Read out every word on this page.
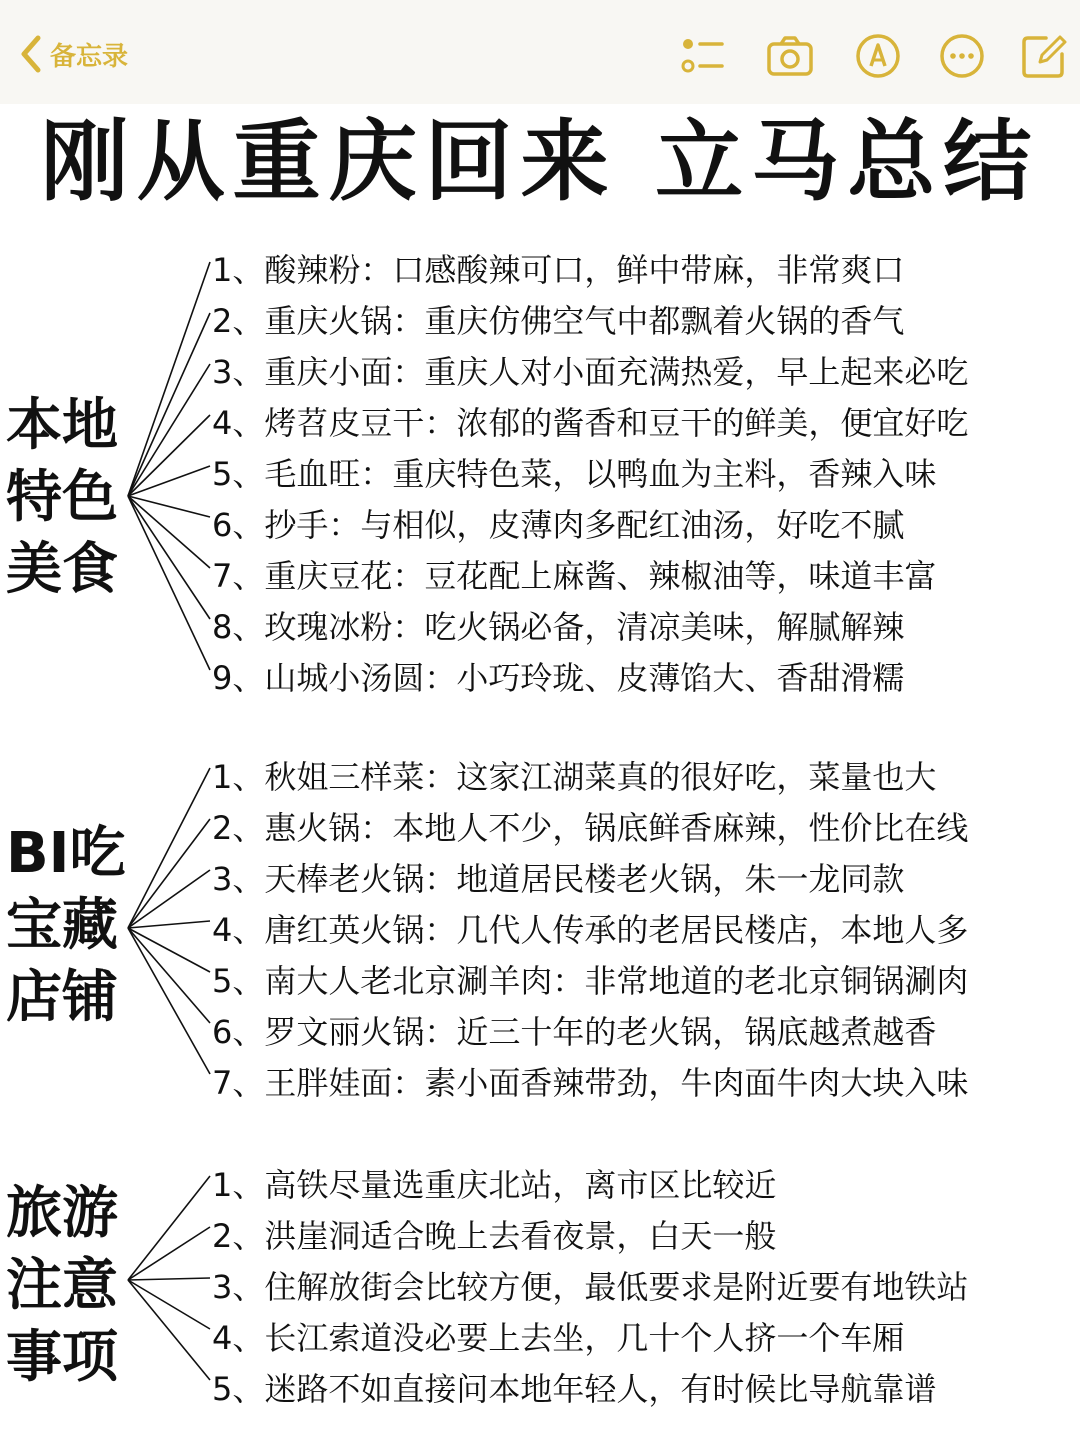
备忘录
刚从重庆回来 立马总结
本地
特色
美食
1、酸辣粉：口感酸辣可口，鲜中带麻，非常爽口
2、重庆火锅：重庆仿佛空气中都飘着火锅的香气
3、重庆小面：重庆人对小面充满热爱，早上起来必吃
4、烤苕皮豆干：浓郁的酱香和豆干的鲜美，便宜好吃
5、毛血旺：重庆特色菜，以鸭血为主料，香辣入味
6、抄手：与相似，皮薄肉多配红油汤，好吃不腻
7、重庆豆花：豆花配上麻酱、辣椒油等，味道丰富
8、玫瑰冰粉：吃火锅必备，清凉美味，解腻解辣
9、山城小汤圆：小巧玲珑、皮薄馅大、香甜滑糯
BI吃
宝藏
店铺
1、秋姐三样菜：这家江湖菜真的很好吃，菜量也大
2、惠火锅：本地人不少，锅底鲜香麻辣，性价比在线
3、天棒老火锅：地道居民楼老火锅，朱一龙同款
4、唐红英火锅：几代人传承的老居民楼店，本地人多
5、南大人老北京涮羊肉：非常地道的老北京铜锅涮肉
6、罗文丽火锅：近三十年的老火锅，锅底越煮越香
7、王胖娃面：素小面香辣带劲，牛肉面牛肉大块入味
旅游
注意
事项
1、高铁尽量选重庆北站，离市区比较近
2、洪崖洞适合晚上去看夜景，白天一般
3、住解放街会比较方便，最低要求是附近要有地铁站
4、长江索道没必要上去坐，几十个人挤一个车厢
5、迷路不如直接问本地年轻人，有时候比导航靠谱
